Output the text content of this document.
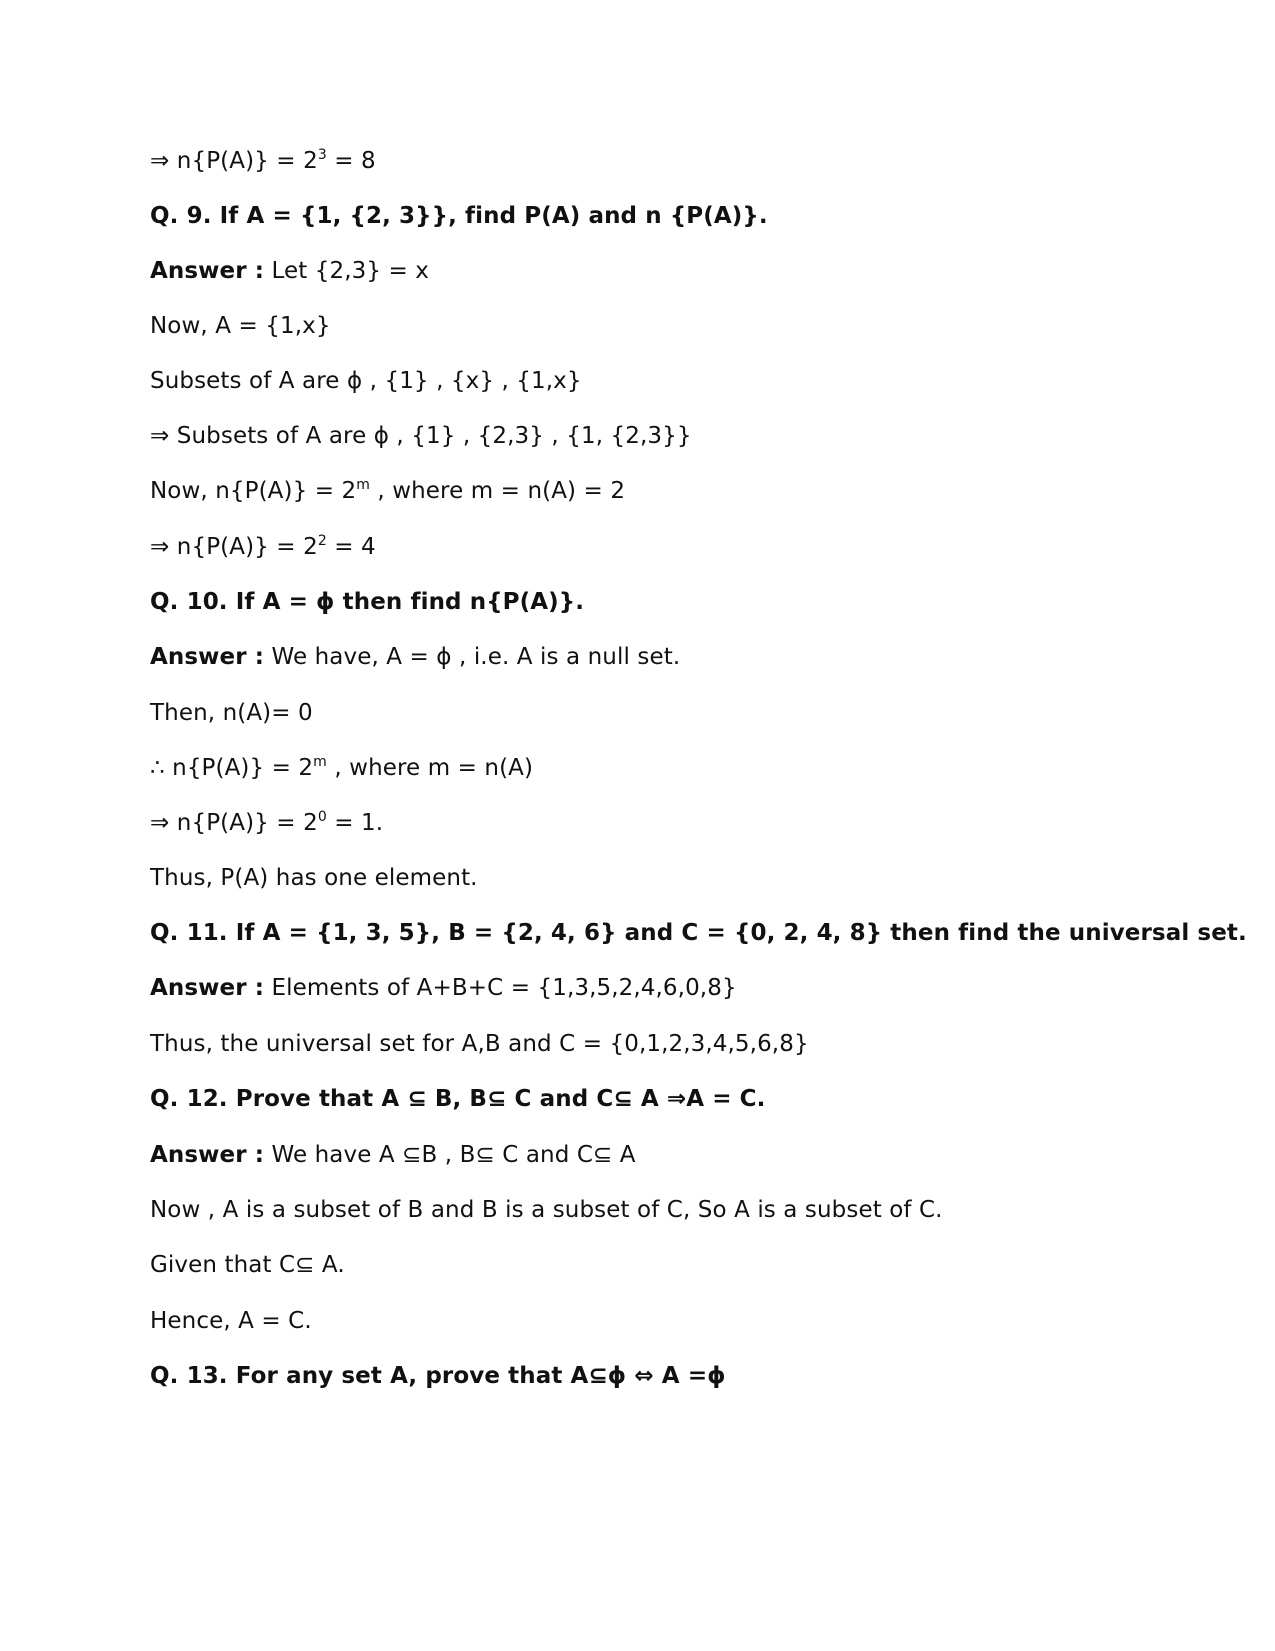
⇒ $n\{P(A)\} = 2^3 = 8$
Q. 9. If A = {1, {2, 3}}, find P(A) and n {P(A)}.
Answer : Let {2,3} = x
Now, A = {1,x}
Subsets of A are ϕ , {1} , {x} , {1,x}
⇒ Subsets of A are ϕ , {1} , {2,3} , {1, {2,3}}
Now, $n\{P(A)\} = 2^m$ , where m = n(A) = 2
⇒ $n\{P(A)\} = 2^2 = 4$
Q. 10. If A = ϕ then find n{P(A)}.
Answer : We have, A = ϕ , i.e. A is a null set.
Then, n(A)= 0
∴ $n\{P(A)\} = 2^m$ , where m = n(A)
⇒ $n\{P(A)\} = 2^0 = 1$.
Thus, P(A) has one element.
Q. 11. If A = {1, 3, 5}, B = {2, 4, 6} and C = {0, 2, 4, 8} then find the universal set.
Answer : Elements of A+B+C = {1,3,5,2,4,6,0,8}
Thus, the universal set for A,B and C = {0,1,2,3,4,5,6,8}
Q. 12. Prove that A ⊆ B, B⊆ C and C⊆ A ⇒A = C.
Answer : We have A ⊆B , B⊆ C and C⊆ A
Now , A is a subset of B and B is a subset of C, So A is a subset of C.
Given that C⊆ A.
Hence, A = C.
Q. 13. For any set A, prove that A⊆ϕ ⇔ A =ϕ
